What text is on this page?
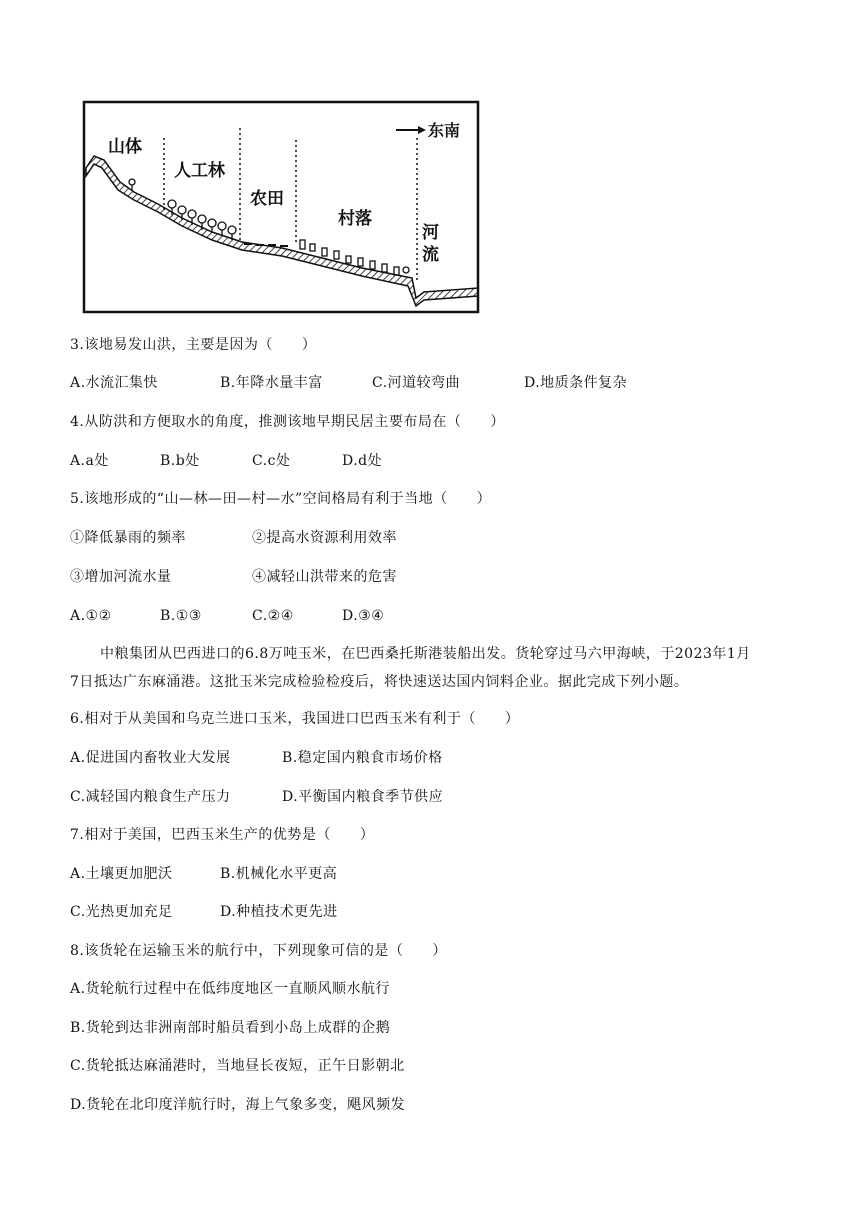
山体
人工林
农田
村落
河
流
东南
3.该地易发山洪，主要是因为（　　）
A.水流汇集快	B.年降水量丰富	C.河道较弯曲	D.地质条件复杂
4.从防洪和方便取水的角度，推测该地早期民居主要布局在（　　）
A.a处	B.b处	C.c处	D.d处
5.该地形成的“山—林—田—村—水”空间格局有利于当地（　　）
①降低暴雨的频率	②提高水资源利用效率
③增加河流水量	④减轻山洪带来的危害
A.①②	B.①③	C.②④	D.③④
中粮集团从巴西进口的6.8万吨玉米，在巴西桑托斯港装船出发。货轮穿过马六甲海峡，于2023年1月
7日抵达广东麻涌港。这批玉米完成检验检疫后，将快速送达国内饲料企业。据此完成下列小题。
6.相对于从美国和乌克兰进口玉米，我国进口巴西玉米有利于（　　）
A.促进国内畜牧业大发展	B.稳定国内粮食市场价格
C.减轻国内粮食生产压力	D.平衡国内粮食季节供应
7.相对于美国，巴西玉米生产的优势是（　　）
A.土壤更加肥沃	B.机械化水平更高
C.光热更加充足	D.种植技术更先进
8.该货轮在运输玉米的航行中，下列现象可信的是（　　）
A.货轮航行过程中在低纬度地区一直顺风顺水航行
B.货轮到达非洲南部时船员看到小岛上成群的企鹅
C.货轮抵达麻涌港时，当地昼长夜短，正午日影朝北
D.货轮在北印度洋航行时，海上气象多变，飓风频发
